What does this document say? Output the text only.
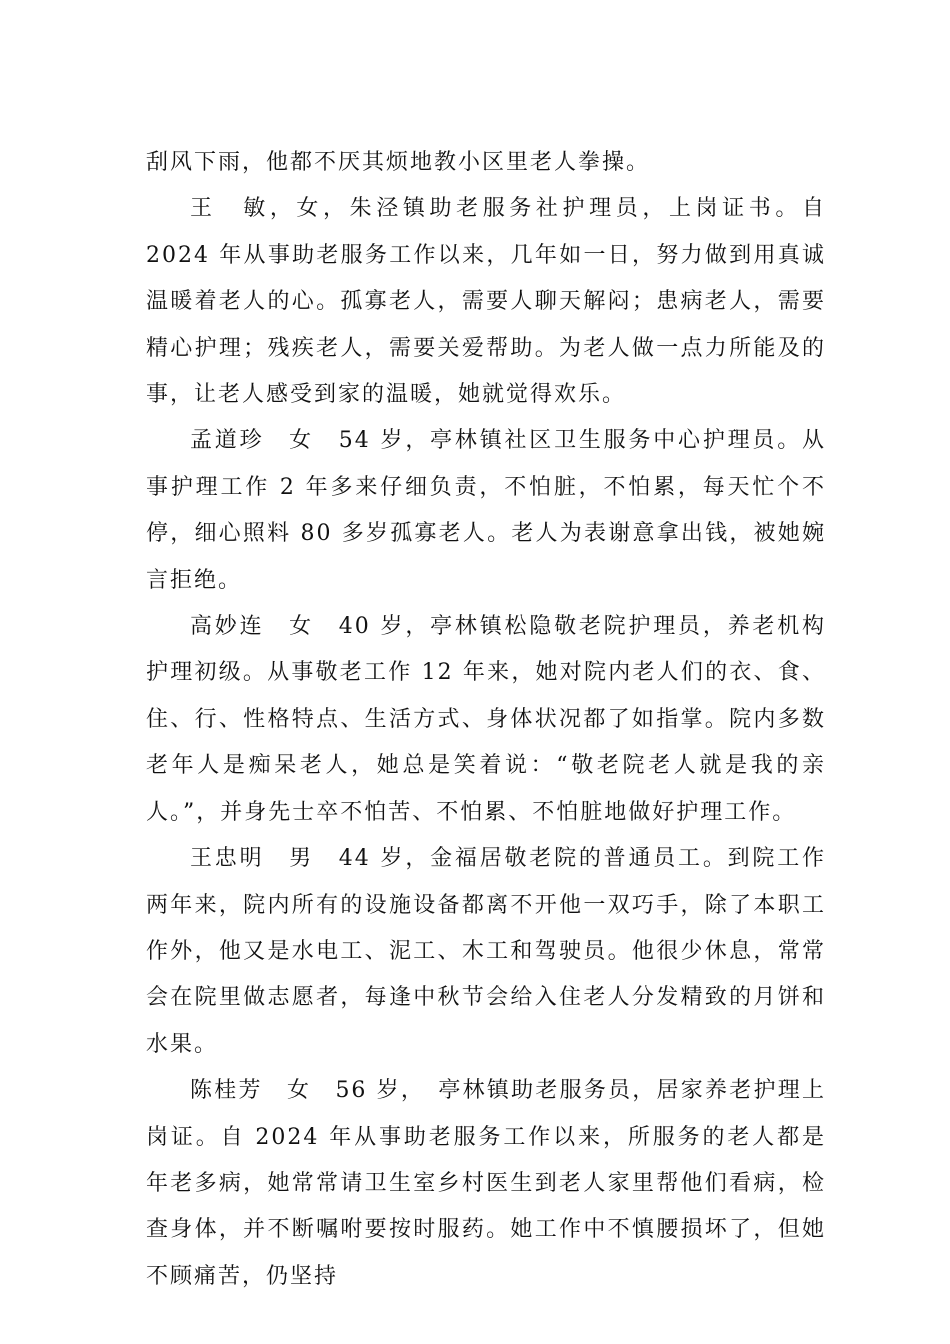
刮风下雨，他都不厌其烦地教小区里老人拳操。

王　敏，女，朱泾镇助老服务社护理员，上岗证书。自 2024 年从事助老服务工作以来，几年如一日，努力做到用真诚温暖着老人的心。孤寡老人，需要人聊天解闷；患病老人，需要精心护理；残疾老人，需要关爱帮助。为老人做一点力所能及的事，让老人感受到家的温暖，她就觉得欢乐。

孟道珍　女　54 岁，亭林镇社区卫生服务中心护理员。从事护理工作 2 年多来仔细负责，不怕脏，不怕累，每天忙个不停，细心照料 80 多岁孤寡老人。老人为表谢意拿出钱，被她婉言拒绝。

高妙连　女　40 岁，亭林镇松隐敬老院护理员，养老机构护理初级。从事敬老工作 12 年来，她对院内老人们的衣、食、住、行、性格特点、生活方式、身体状况都了如指掌。院内多数老年人是痴呆老人，她总是笑着说：“敬老院老人就是我的亲人。”，并身先士卒不怕苦、不怕累、不怕脏地做好护理工作。

王忠明　男　44 岁，金福居敬老院的普通员工。到院工作两年来，院内所有的设施设备都离不开他一双巧手，除了本职工作外，他又是水电工、泥工、木工和驾驶员。他很少休息，常常会在院里做志愿者，每逢中秋节会给入住老人分发精致的月饼和水果。

陈桂芳　女　56 岁，　亭林镇助老服务员，居家养老护理上岗证。自 2024 年从事助老服务工作以来，所服务的老人都是年老多病，她常常请卫生室乡村医生到老人家里帮他们看病，检查身体，并不断嘱咐要按时服药。她工作中不慎腰损坏了，但她不顾痛苦，仍坚持
